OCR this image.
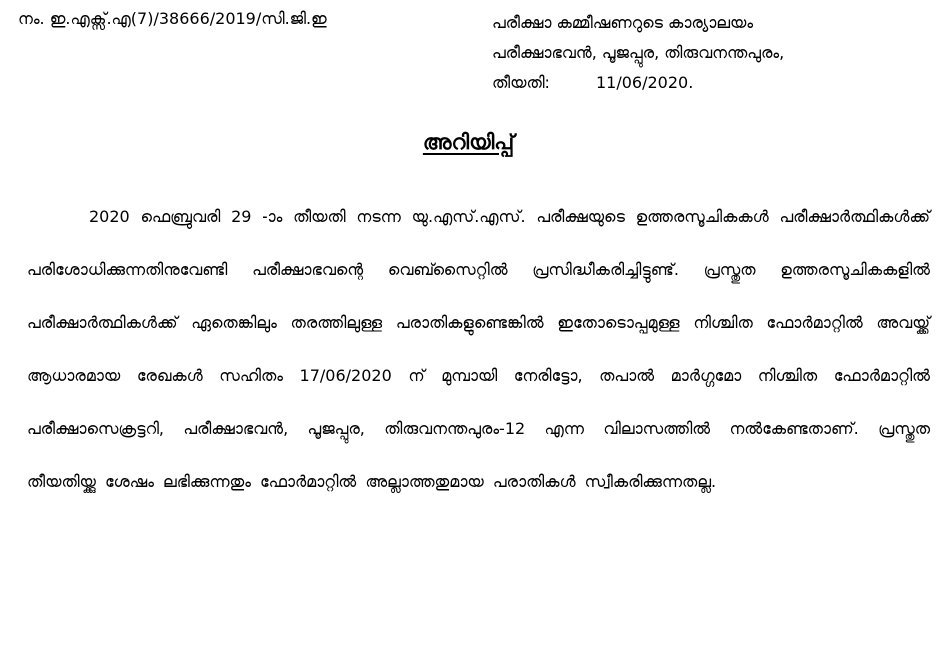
നം. ഇ.എക്സ്.എ(7)/38666/2019/സി.ജി.ഇ	പരീക്ഷാ കമ്മീഷണറുടെ കാര്യാലയം
പരീക്ഷാഭവൻ, പൂജപ്പുര, തിരുവനന്തപുരം,
തീയതി:	11/06/2020.
അറിയിപ്പ്

2020 ഫെബ്രുവരി 29 -ാം തീയതി നടന്ന യു.എസ്.എസ്. പരീക്ഷയുടെ ഉത്തരസൂചികകൾ പരീക്ഷാർത്ഥികൾക്ക് പരിശോധിക്കുന്നതിനുവേണ്ടി പരീക്ഷാഭവന്റെ വെബ്സൈറ്റിൽ പ്രസിദ്ധീകരിച്ചിട്ടുണ്ട്. പ്രസ്തുത ഉത്തരസൂചികകളിൽ പരീക്ഷാർത്ഥികൾക്ക് ഏതെങ്കിലും തരത്തിലുള്ള പരാതികളുണ്ടെങ്കിൽ ഇതോടൊപ്പമുള്ള നിശ്ചിത ഫോർമാറ്റിൽ അവയ്ക്ക് ആധാരമായ രേഖകൾ സഹിതം 17/06/2020 ന് മുമ്പായി നേരിട്ടോ, തപാൽ മാർഗ്ഗമോ നിശ്ചിത ഫോർമാറ്റിൽ പരീക്ഷാസെക്രട്ടറി, പരീക്ഷാഭവൻ, പൂജപ്പുര, തിരുവനന്തപുരം-12 എന്ന വിലാസത്തിൽ നൽകേണ്ടതാണ്. പ്രസ്തുത തീയതിയ്ക്കു ശേഷം ലഭിക്കുന്നതും ഫോർമാറ്റിൽ അല്ലാത്തതുമായ പരാതികൾ സ്വീകരിക്കുന്നതല്ല.
